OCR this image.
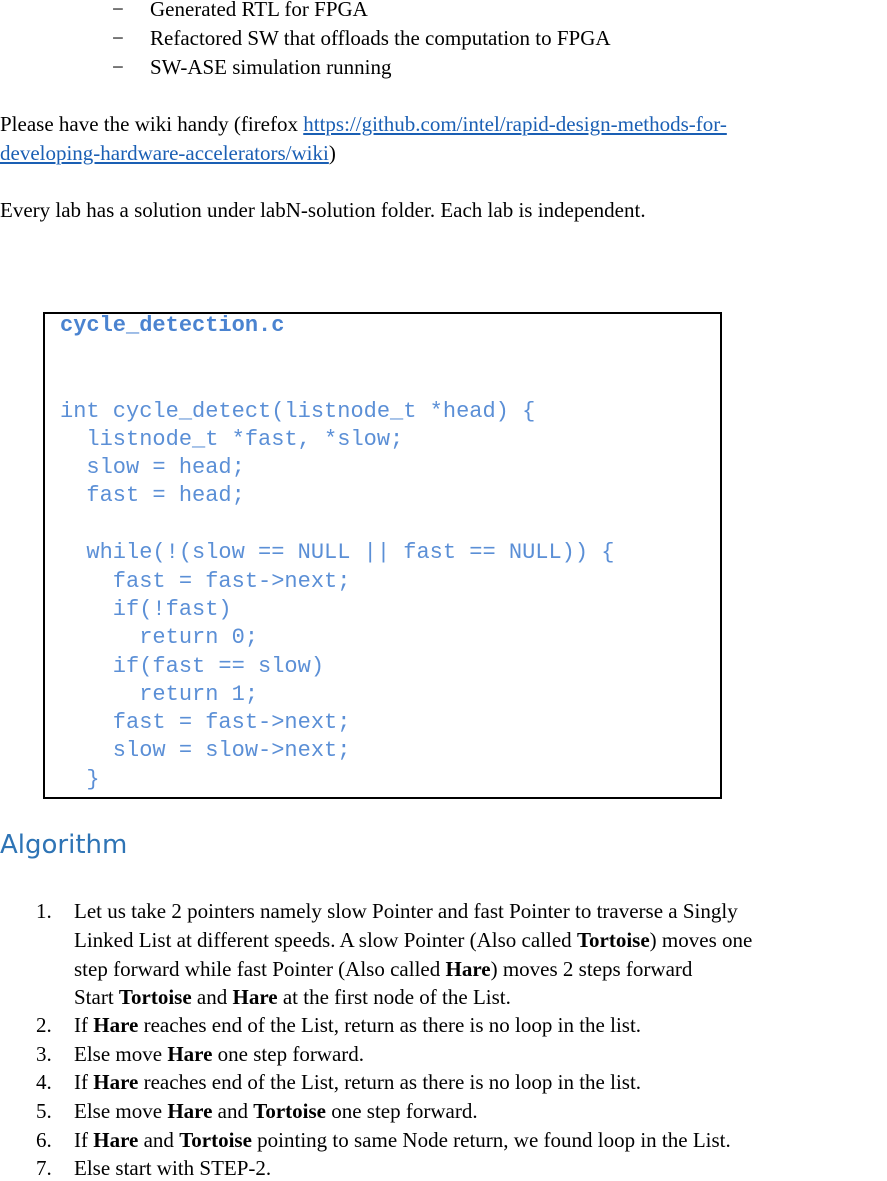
− Generated RTL for FPGA
− Refactored SW that offloads the computation to FPGA
− SW-ASE simulation running
Please have the wiki handy (firefox https://github.com/intel/rapid-design-methods-for-
developing-hardware-accelerators/wiki)
Every lab has a solution under labN-solution folder. Each lab is independent.
cycle_detection.c
int cycle_detect(listnode_t *head) {
listnode_t *fast, *slow;
slow = head;
fast = head;
while(!(slow == NULL || fast == NULL)) {
fast = fast->next;
if(!fast)
return 0;
if(fast == slow)
return 1;
fast = fast->next;
slow = slow->next;
}
Algorithm
1. Let us take 2 pointers namely slow Pointer and fast Pointer to traverse a Singly
Linked List at different speeds. A slow Pointer (Also called Tortoise) moves one
step forward while fast Pointer (Also called Hare) moves 2 steps forward
Start Tortoise and Hare at the first node of the List.
2. If Hare reaches end of the List, return as there is no loop in the list.
3. Else move Hare one step forward.
4. If Hare reaches end of the List, return as there is no loop in the list.
5. Else move Hare and Tortoise one step forward.
6. If Hare and Tortoise pointing to same Node return, we found loop in the List.
7. Else start with STEP-2.
